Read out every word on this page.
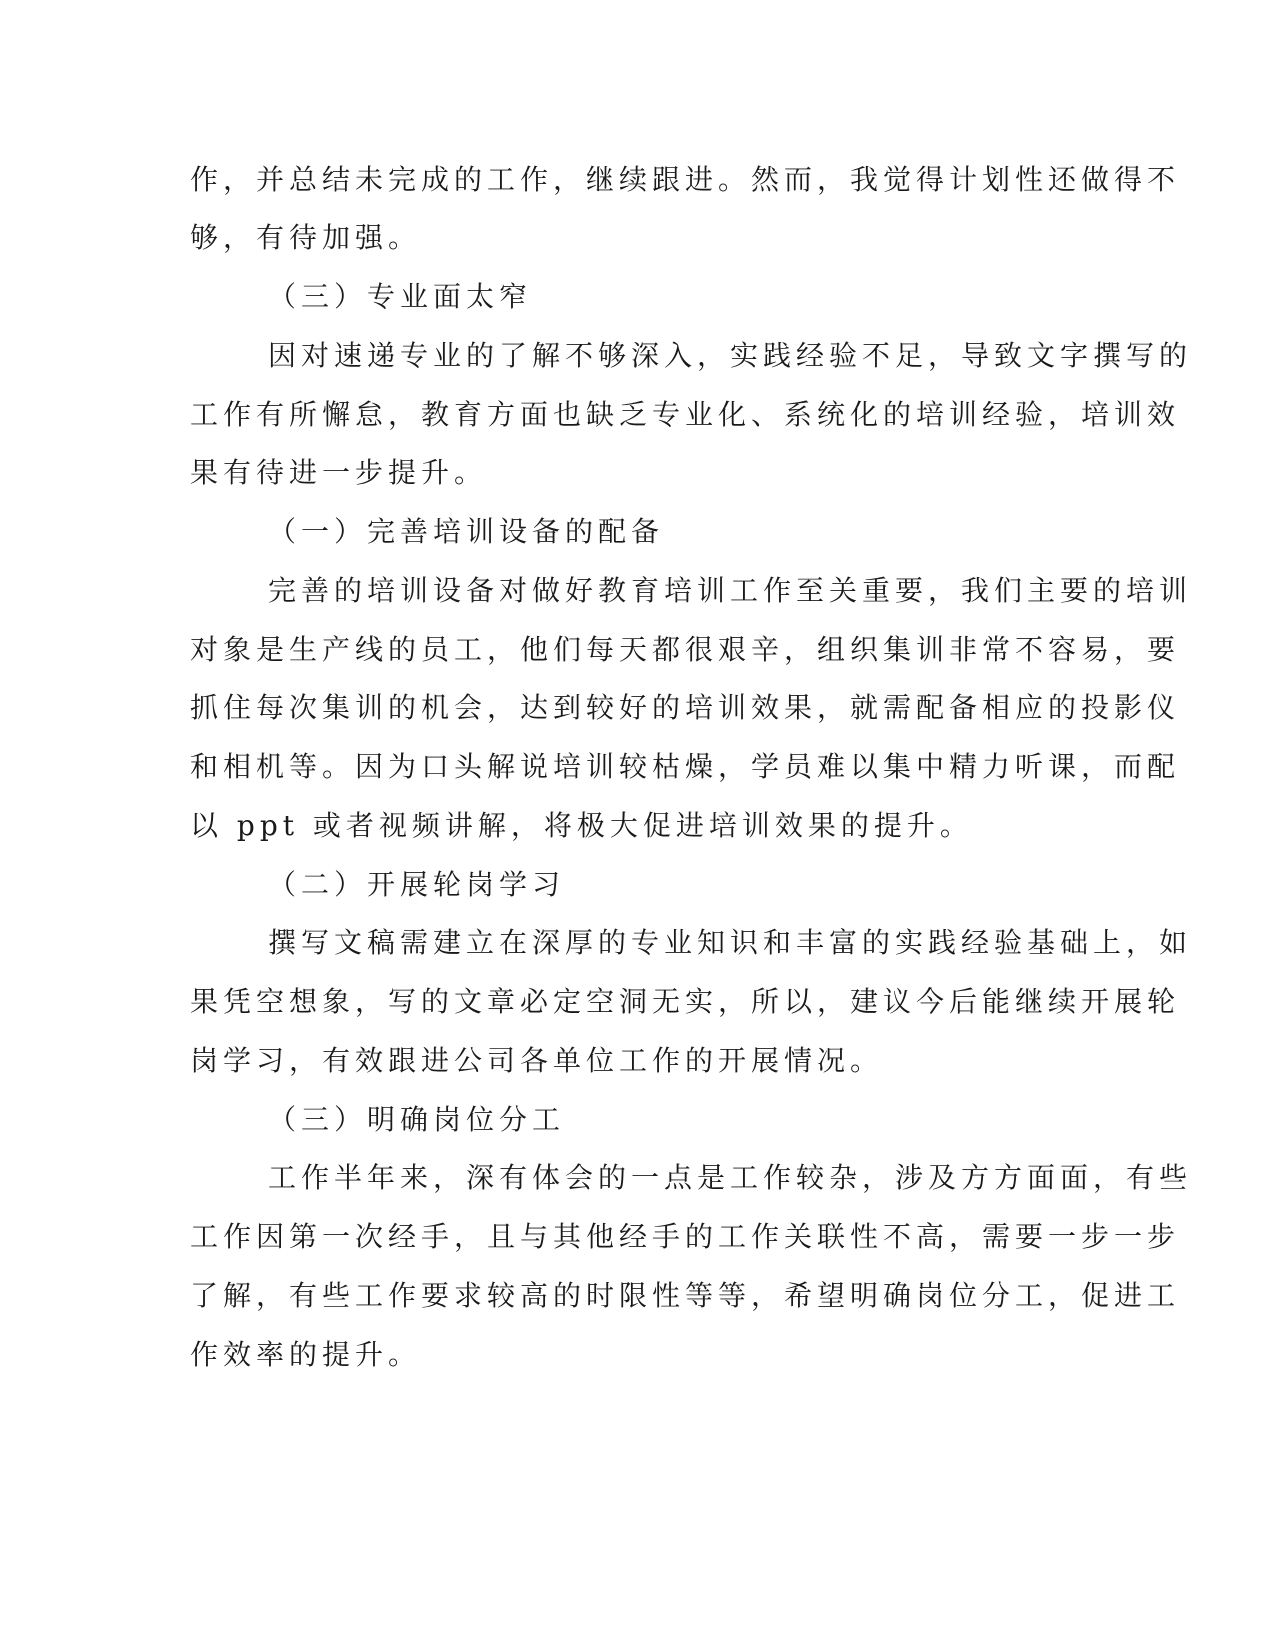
作，并总结未完成的工作，继续跟进。然而，我觉得计划性还做得不
够，有待加强。
（三）专业面太窄
因对速递专业的了解不够深入，实践经验不足，导致文字撰写的
工作有所懈怠，教育方面也缺乏专业化、系统化的培训经验，培训效
果有待进一步提升。
（一）完善培训设备的配备
完善的培训设备对做好教育培训工作至关重要，我们主要的培训
对象是生产线的员工，他们每天都很艰辛，组织集训非常不容易，要
抓住每次集训的机会，达到较好的培训效果，就需配备相应的投影仪
和相机等。因为口头解说培训较枯燥，学员难以集中精力听课，而配
以 ppt 或者视频讲解，将极大促进培训效果的提升。
（二）开展轮岗学习
撰写文稿需建立在深厚的专业知识和丰富的实践经验基础上，如
果凭空想象，写的文章必定空洞无实，所以，建议今后能继续开展轮
岗学习，有效跟进公司各单位工作的开展情况。
（三）明确岗位分工
工作半年来，深有体会的一点是工作较杂，涉及方方面面，有些
工作因第一次经手，且与其他经手的工作关联性不高，需要一步一步
了解，有些工作要求较高的时限性等等，希望明确岗位分工，促进工
作效率的提升。
